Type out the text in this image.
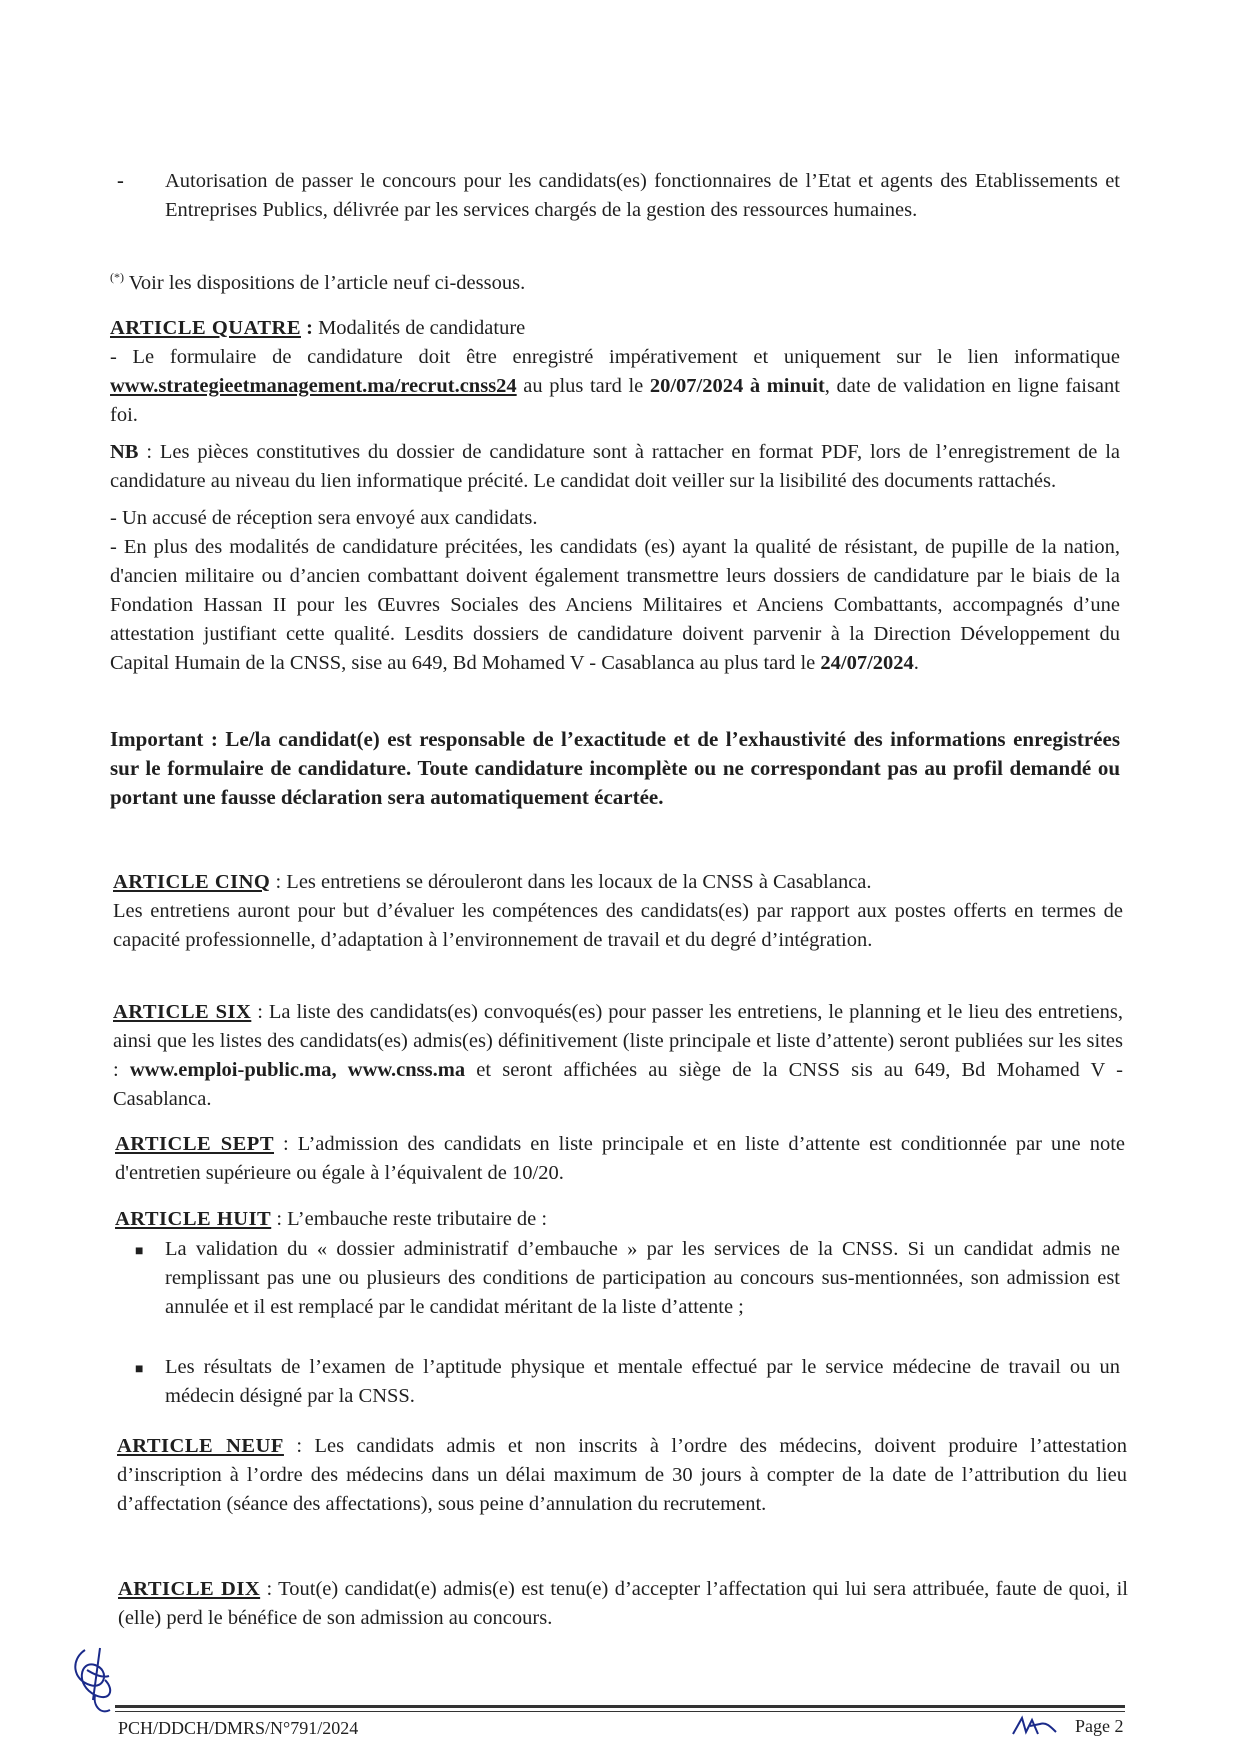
- Autorisation de passer le concours pour les candidats(es) fonctionnaires de l’Etat et agents des Etablissements et Entreprises Publics, délivrée par les services chargés de la gestion des ressources humaines.

(*) Voir les dispositions de l’article neuf ci-dessous.

ARTICLE QUATRE : Modalités de candidature
- Le formulaire de candidature doit être enregistré impérativement et uniquement sur le lien informatique www.strategieetmanagement.ma/recrut.cnss24 au plus tard le 20/07/2024 à minuit, date de validation en ligne faisant foi.
NB : Les pièces constitutives du dossier de candidature sont à rattacher en format PDF, lors de l’enregistrement de la candidature au niveau du lien informatique précité. Le candidat doit veiller sur la lisibilité des documents rattachés.
- Un accusé de réception sera envoyé aux candidats.
- En plus des modalités de candidature précitées, les candidats (es) ayant la qualité de résistant, de pupille de la nation, d'ancien militaire ou d’ancien combattant doivent également transmettre leurs dossiers de candidature par le biais de la Fondation Hassan II pour les Œuvres Sociales des Anciens Militaires et Anciens Combattants, accompagnés d’une attestation justifiant cette qualité. Lesdits dossiers de candidature doivent parvenir à la Direction Développement du Capital Humain de la CNSS, sise au 649, Bd Mohamed V - Casablanca au plus tard le 24/07/2024.
Important : Le/la candidat(e) est responsable de l’exactitude et de l’exhaustivité des informations enregistrées sur le formulaire de candidature. Toute candidature incomplète ou ne correspondant pas au profil demandé ou portant une fausse déclaration sera automatiquement écartée.
ARTICLE CINQ : Les entretiens se dérouleront dans les locaux de la CNSS à Casablanca.
Les entretiens auront pour but d’évaluer les compétences des candidats(es) par rapport aux postes offerts en termes de capacité professionnelle, d’adaptation à l’environnement de travail et du degré d’intégration.
ARTICLE SIX : La liste des candidats(es) convoqués(es) pour passer les entretiens, le planning et le lieu des entretiens, ainsi que les listes des candidats(es) admis(es) définitivement (liste principale et liste d’attente) seront publiées sur les sites : www.emploi-public.ma, www.cnss.ma et seront affichées au siège de la CNSS sis au 649, Bd Mohamed V - Casablanca.
ARTICLE SEPT : L’admission des candidats en liste principale et en liste d’attente est conditionnée par une note d'entretien supérieure ou égale à l’équivalent de 10/20.
ARTICLE HUIT : L’embauche reste tributaire de :
■ La validation du « dossier administratif d’embauche » par les services de la CNSS. Si un candidat admis ne remplissant pas une ou plusieurs des conditions de participation au concours sus-mentionnées, son admission est annulée et il est remplacé par le candidat méritant de la liste d’attente ;
■ Les résultats de l’examen de l’aptitude physique et mentale effectué par le service médecine de travail ou un médecin désigné par la CNSS.
ARTICLE NEUF : Les candidats admis et non inscrits à l’ordre des médecins, doivent produire l’attestation d’inscription à l’ordre des médecins dans un délai maximum de 30 jours à compter de la date de l’attribution du lieu d’affectation (séance des affectations), sous peine d’annulation du recrutement.
ARTICLE DIX : Tout(e) candidat(e) admis(e) est tenu(e) d’accepter l’affectation qui lui sera attribuée, faute de quoi, il (elle) perd le bénéfice de son admission au concours.
PCH/DDCH/DMRS/N°791/2024	Page 2
